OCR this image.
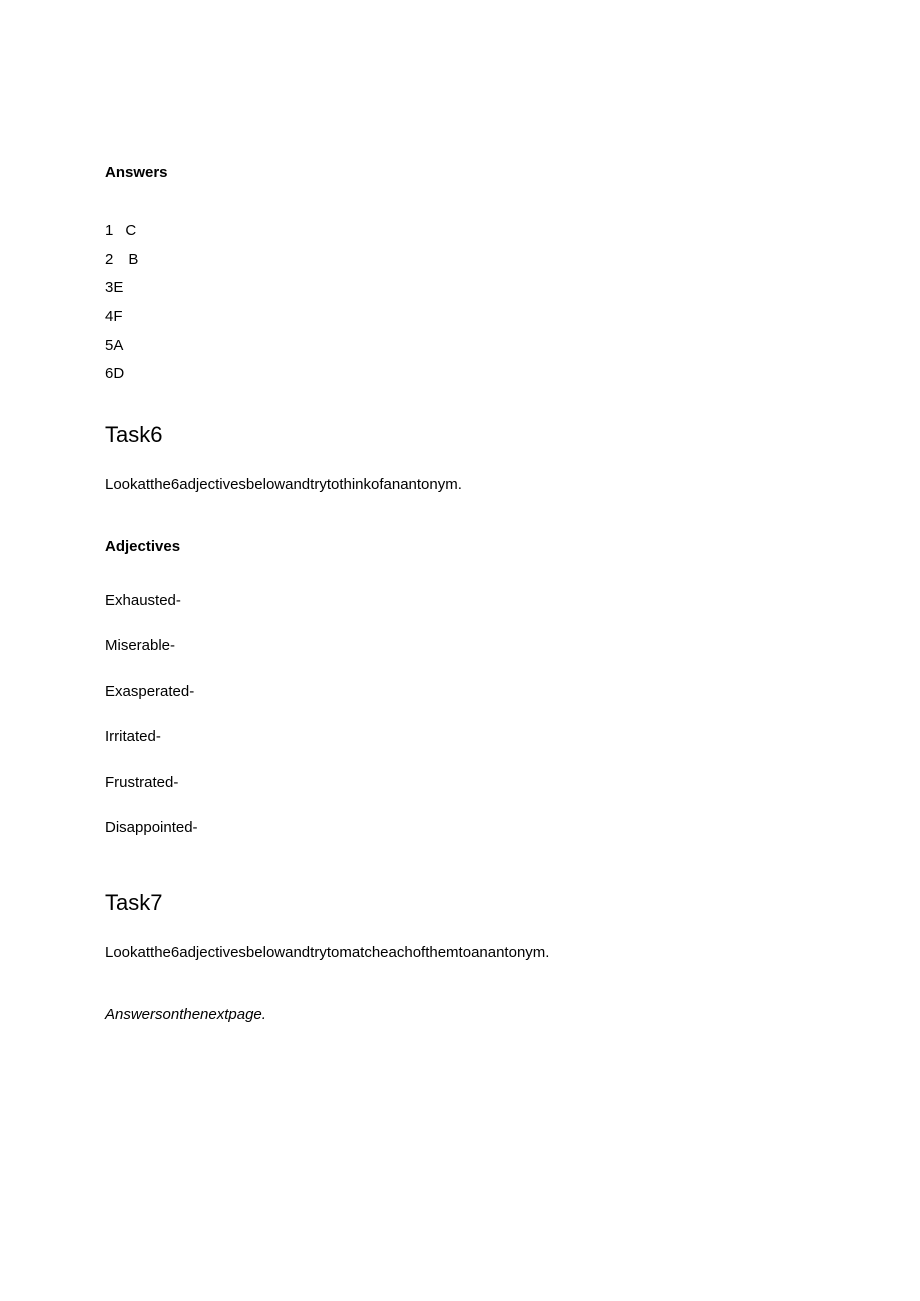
Answers
1 C
2 B
3E
4F
5A
6D
Task6
Lookatthe6adjectivesbelowandtrytothinkofanantonym.
Adjectives
Exhausted-
Miserable-
Exasperated-
Irritated-
Frustrated-
Disappointed-
Task7
Lookatthe6adjectivesbelowandtrytomatcheachofthemtoanantonym.
Answersonthenextpage.
